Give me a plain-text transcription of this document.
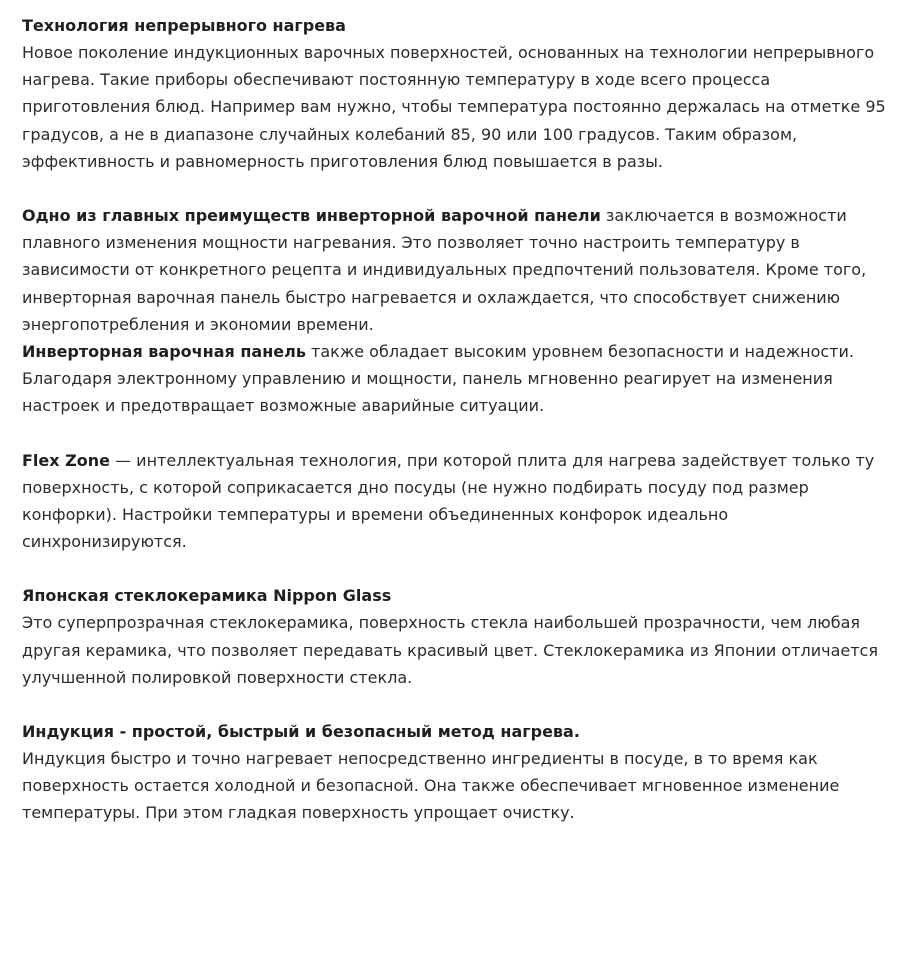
Технология непрерывного нагрева

Новое поколение индукционных варочных поверхностей, основанных на технологии непрерывного нагрева. Такие приборы обеспечивают постоянную температуру в ходе всего процесса приготовления блюд. Например вам нужно, чтобы температура постоянно держалась на отметке 95 градусов, а не в диапазоне случайных колебаний 85, 90 или 100 градусов. Таким образом, эффективность и равномерность приготовления блюд повышается в разы.

Одно из главных преимуществ инверторной варочной панели заключается в возможности плавного изменения мощности нагревания. Это позволяет точно настроить температуру в зависимости от конкретного рецепта и индивидуальных предпочтений пользователя. Кроме того, инверторная варочная панель быстро нагревается и охлаждается, что способствует снижению энергопотребления и экономии времени.

Инверторная варочная панель также обладает высоким уровнем безопасности и надежности. Благодаря электронному управлению и мощности, панель мгновенно реагирует на изменения настроек и предотвращает возможные аварийные ситуации.

Flex Zone — интеллектуальная технология, при которой плита для нагрева задействует только ту поверхность, с которой соприкасается дно посуды (не нужно подбирать посуду под размер конфорки). Настройки температуры и времени объединенных конфорок идеально синхронизируются.

Японская стеклокерамика Nippon Glass

Это суперпрозрачная стеклокерамика, поверхность стекла наибольшей прозрачности, чем любая другая керамика, что позволяет передавать красивый цвет. Стеклокерамика из Японии отличается улучшенной полировкой поверхности стекла.

Индукция - простой, быстрый и безопасный метод нагрева.

Индукция быстро и точно нагревает непосредственно ингредиенты в посуде, в то время как поверхность остается холодной и безопасной. Она также обеспечивает мгновенное изменение температуры. При этом гладкая поверхность упрощает очистку.
